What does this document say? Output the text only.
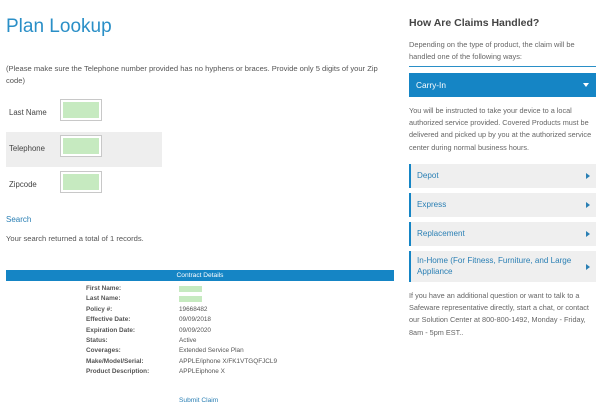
Plan Lookup

(Please make sure the Telephone number provided has no hyphens or braces. Provide only 5 digits of your Zip code)

Last Name
Telephone
Zipcode
Search

Your search returned a total of 1 records.

Contract Details
First Name:
Last Name:
Policy #:	19668482
Effective Date:	09/09/2018
Expiration Date:	09/09/2020
Status:	Active
Coverages:	Extended Service Plan
Make/Model/Serial:	APPLE/iphone X/FK1VTGQFJCL9
Product Description:	APPLEiphone X
Submit Claim
How Are Claims Handled?

Depending on the type of product, the claim will be handled one of the following ways:

Carry-In

You will be instructed to take your device to a local authorized service provided. Covered Products must be delivered and picked up by you at the authorized service center during normal business hours.

Depot
Express
Replacement
In-Home (For Fitness, Furniture, and Large Appliance

If you have an additional question or want to talk to a Safeware representative directly, start a chat, or contact our Solution Center at 800-800-1492, Monday - Friday, 8am - 5pm EST..
